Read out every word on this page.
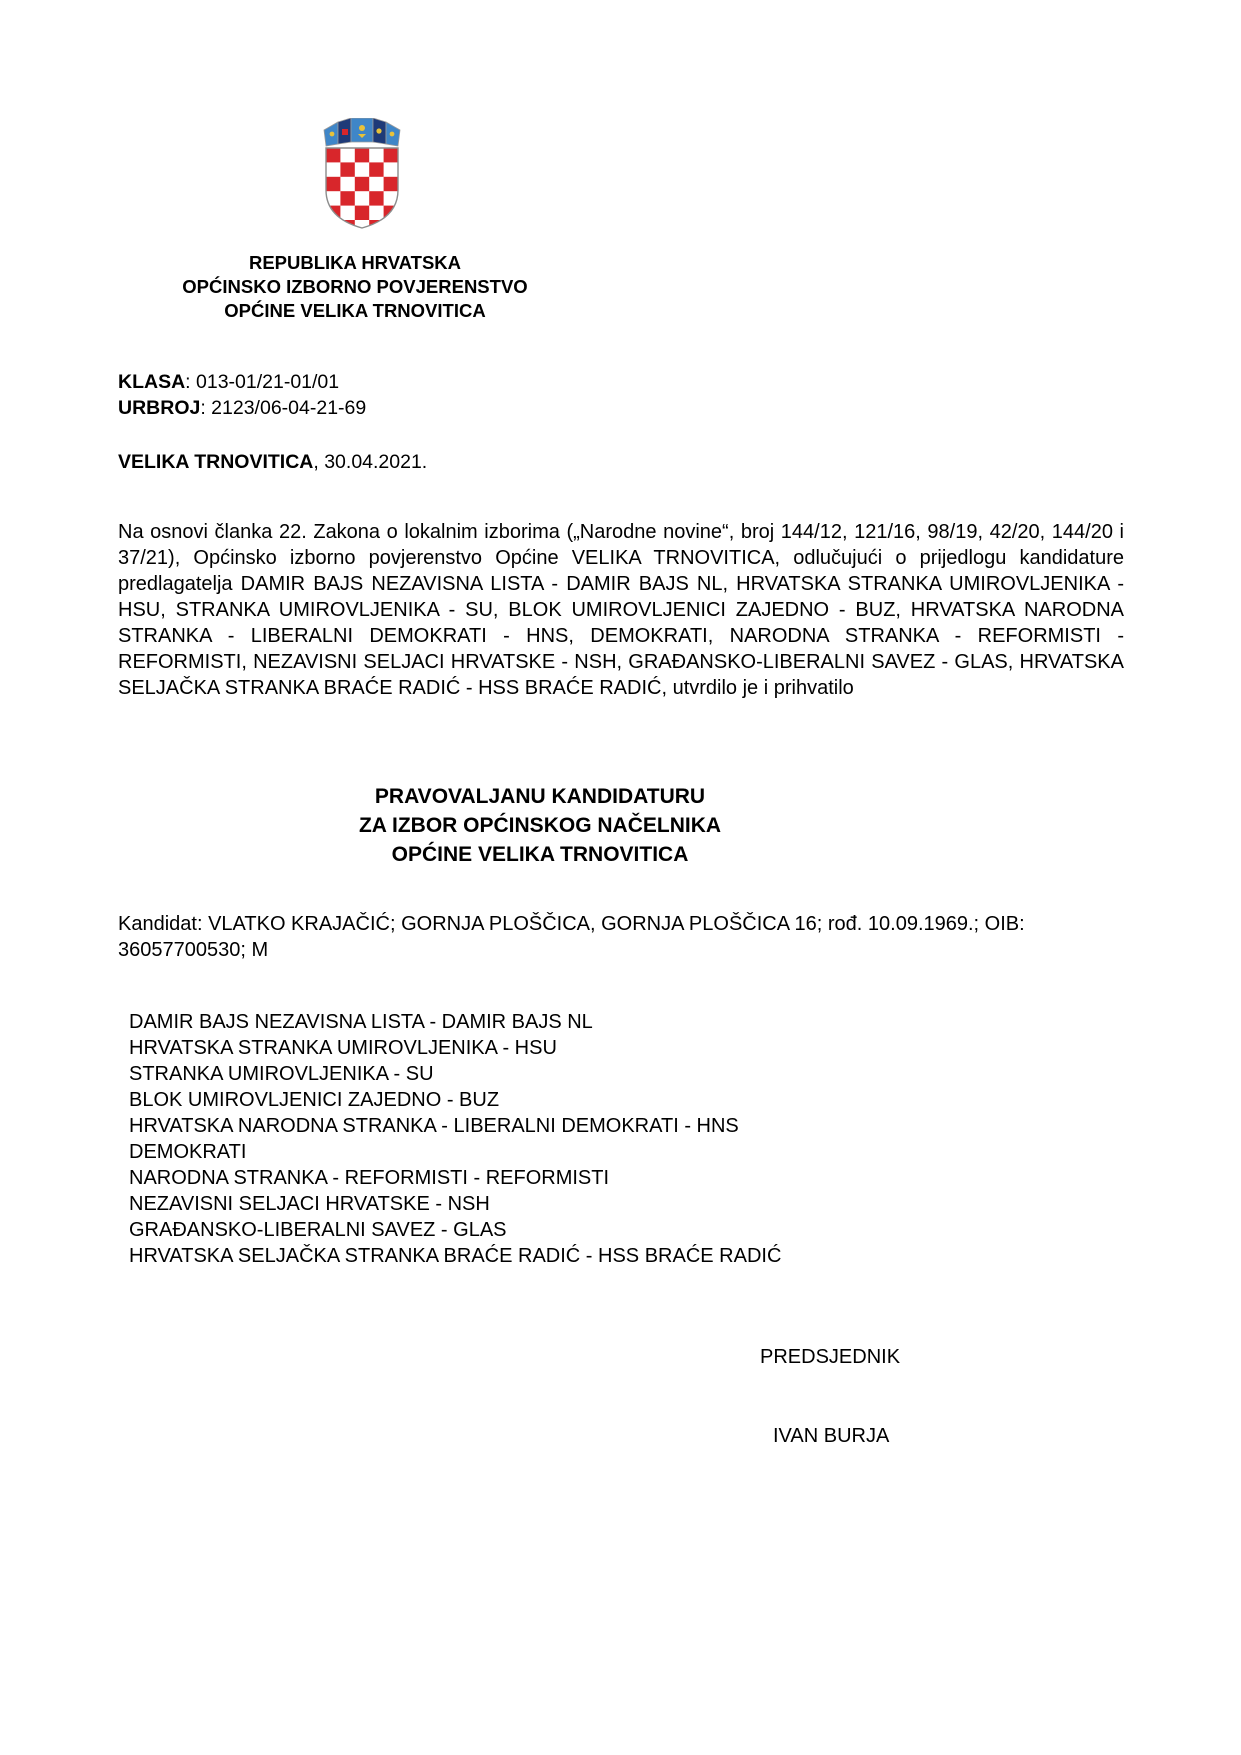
REPUBLIKA HRVATSKA
OPĆINSKO IZBORNO POVJERENSTVO
OPĆINE VELIKA TRNOVITICA
KLASA: 013-01/21-01/01
URBROJ: 2123/06-04-21-69
VELIKA TRNOVITICA, 30.04.2021.
Na osnovi članka 22. Zakona o lokalnim izborima („Narodne novine“, broj 144/12, 121/16, 98/19, 42/20, 144/20 i 37/21), Općinsko izborno povjerenstvo Općine VELIKA TRNOVITICA, odlučujući o prijedlogu kandidature predlagatelja DAMIR BAJS NEZAVISNA LISTA - DAMIR BAJS NL, HRVATSKA STRANKA UMIROVLJENIKA - HSU, STRANKA UMIROVLJENIKA - SU, BLOK UMIROVLJENICI ZAJEDNO - BUZ, HRVATSKA NARODNA STRANKA - LIBERALNI DEMOKRATI - HNS, DEMOKRATI, NARODNA STRANKA - REFORMISTI - REFORMISTI, NEZAVISNI SELJACI HRVATSKE - NSH, GRAĐANSKO-LIBERALNI SAVEZ - GLAS, HRVATSKA SELJAČKA STRANKA BRAĆE RADIĆ - HSS BRAĆE RADIĆ, utvrdilo je i prihvatilo
PRAVOVALJANU KANDIDATURU
ZA IZBOR OPĆINSKOG NAČELNIKA
OPĆINE VELIKA TRNOVITICA
Kandidat: VLATKO KRAJAČIĆ; GORNJA PLOŠČICA, GORNJA PLOŠČICA 16; rođ. 10.09.1969.; OIB: 36057700530; M
DAMIR BAJS NEZAVISNA LISTA - DAMIR BAJS NL
HRVATSKA STRANKA UMIROVLJENIKA - HSU
STRANKA UMIROVLJENIKA - SU
BLOK UMIROVLJENICI ZAJEDNO - BUZ
HRVATSKA NARODNA STRANKA - LIBERALNI DEMOKRATI - HNS
DEMOKRATI
NARODNA STRANKA - REFORMISTI - REFORMISTI
NEZAVISNI SELJACI HRVATSKE - NSH
GRAĐANSKO-LIBERALNI SAVEZ - GLAS
HRVATSKA SELJAČKA STRANKA BRAĆE RADIĆ - HSS BRAĆE RADIĆ
PREDSJEDNIK
IVAN BURJA
